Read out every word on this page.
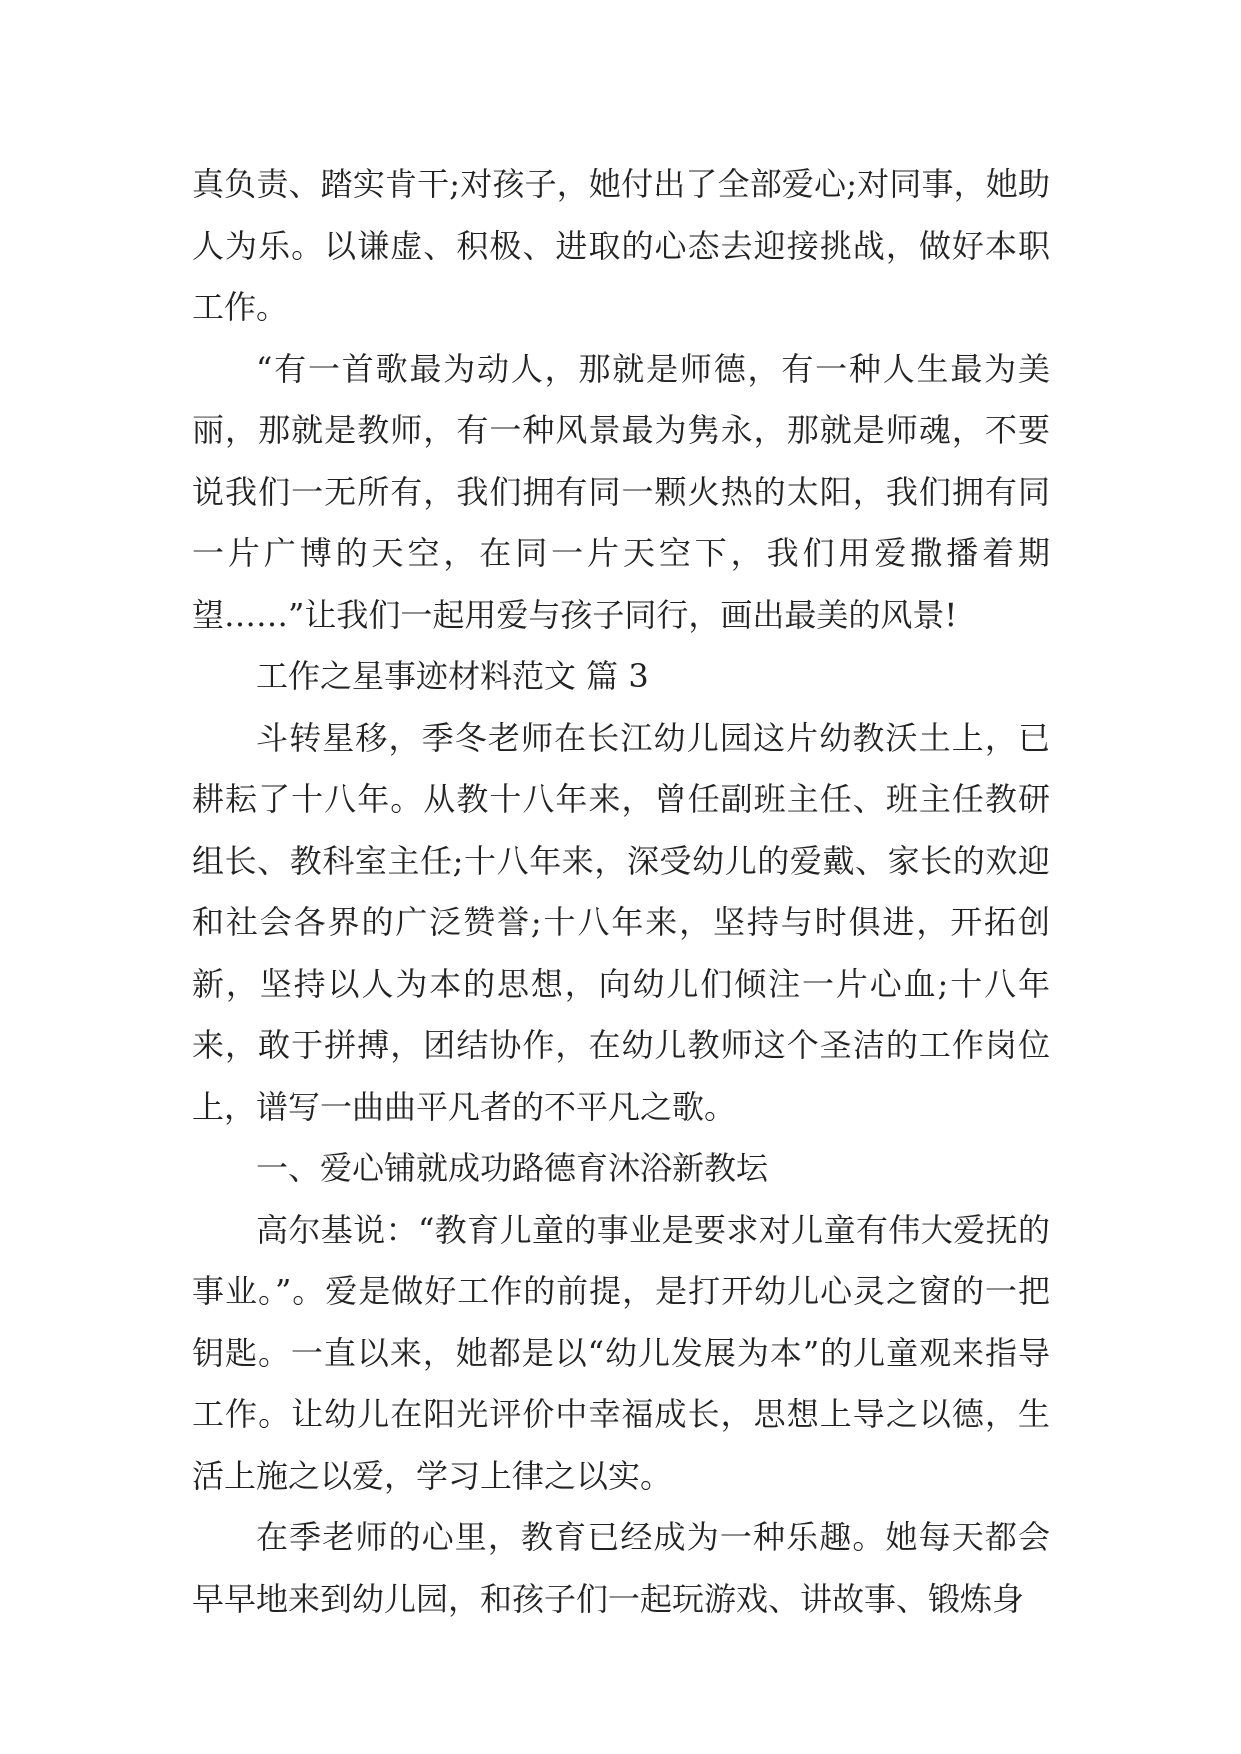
真负责、踏实肯干;对孩子，她付出了全部爱心;对同事，她助人为乐。以谦虚、积极、进取的心态去迎接挑战，做好本职工作。

“有一首歌最为动人，那就是师德，有一种人生最为美丽，那就是教师，有一种风景最为隽永，那就是师魂，不要说我们一无所有，我们拥有同一颗火热的太阳，我们拥有同一片广博的天空，在同一片天空下，我们用爱撒播着期望……”让我们一起用爱与孩子同行，画出最美的风景!

工作之星事迹材料范文 篇 3

斗转星移，季冬老师在长江幼儿园这片幼教沃土上，已耕耘了十八年。从教十八年来，曾任副班主任、班主任教研组长、教科室主任;十八年来，深受幼儿的爱戴、家长的欢迎和社会各界的广泛赞誉;十八年来，坚持与时俱进，开拓创新，坚持以人为本的思想，向幼儿们倾注一片心血;十八年来，敢于拼搏，团结协作，在幼儿教师这个圣洁的工作岗位上，谱写一曲曲平凡者的不平凡之歌。

一、爱心铺就成功路德育沐浴新教坛

高尔基说：“教育儿童的事业是要求对儿童有伟大爱抚的事业。”。爱是做好工作的前提，是打开幼儿心灵之窗的一把钥匙。一直以来，她都是以“幼儿发展为本”的儿童观来指导工作。让幼儿在阳光评价中幸福成长，思想上导之以德，生活上施之以爱，学习上律之以实。

在季老师的心里，教育已经成为一种乐趣。她每天都会早早地来到幼儿园，和孩子们一起玩游戏、讲故事、锻炼身
